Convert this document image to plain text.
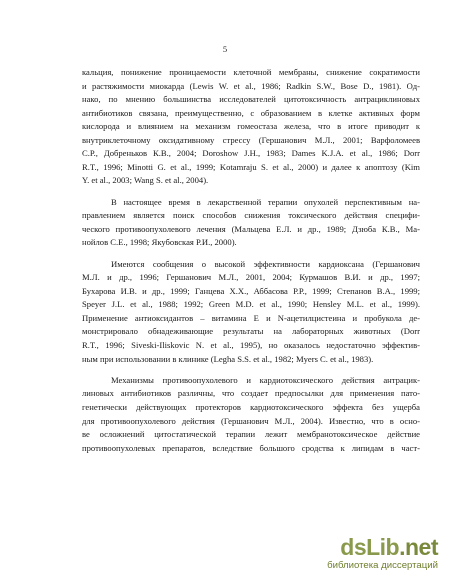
5
кальция, понижение проницаемости клеточной мембраны, снижение сократимости
и растяжимости миокарда (Lewis W. et al., 1986; Radkin S.W., Bose D., 1981). Од-
нако, по мнению большинства исследователей цитотоксичность антрациклиновых
антибиотиков связана, преимущественно, с образованием в клетке активных форм
кислорода и влиянием на механизм гомеостаза железа, что в итоге приводит к
внутриклеточному оксидативному стрессу (Гершанович М.Л., 2001; Варфоломеев
С.Р., Добреньков К.В., 2004; Doroshow J.H., 1983; Dames K.J.A. et al., 1986; Dorr
R.T., 1996; Minotti G. et al., 1999; Kotamraju S. et al., 2000) и далее к апоптозу (Kim
Y. et al., 2003; Wang S. et al., 2004).
В настоящее время в лекарственной терапии опухолей перспективным на-
правлением является поиск способов снижения токсического действия специфи-
ческого противоопухолевого лечения (Мальцева Е.Л. и др., 1989; Дзюба К.В., Ма-
нойлов С.Е., 1998; Якубовская Р.И., 2000).
Имеются сообщения о высокой эффективности кардиоксана (Гершанович
М.Л. и др., 1996; Гершанович М.Л., 2001, 2004; Курмашов В.И. и др., 1997;
Бухарова И.В. и др., 1999; Ганцева Х.Х., Аббасова Р.Р., 1999; Степанов В.А., 1999;
Speyer J.L. et al., 1988; 1992; Green M.D. et al., 1990; Hensley M.L. et al., 1999).
Применение антиоксидантов – витамина Е и N-ацетилцистеина и пробукола де-
монстрировало обнадеживающие результаты на лабораторных животных (Dorr
R.T., 1996; Siveski-Iliskovic N. et al., 1995), но оказалось недостаточно эффектив-
ным при использовании в клинике (Legha S.S. et al., 1982; Myers C. et al., 1983).
Механизмы противоопухолевого и кардиотоксического действия антрацик-
линовых антибиотиков различны, что создает предпосылки для применения пато-
генетически действующих протекторов кардиотоксического эффекта без ущерба
для противоопухолевого действия (Гершанович М.Л., 2004). Известно, что в осно-
ве осложнений цитостатической терапии лежит мембранотоксическое действие
противоопухолевых препаратов, вследствие большого сродства к липидам в част-
dsLib.net
библиотека диссертаций
